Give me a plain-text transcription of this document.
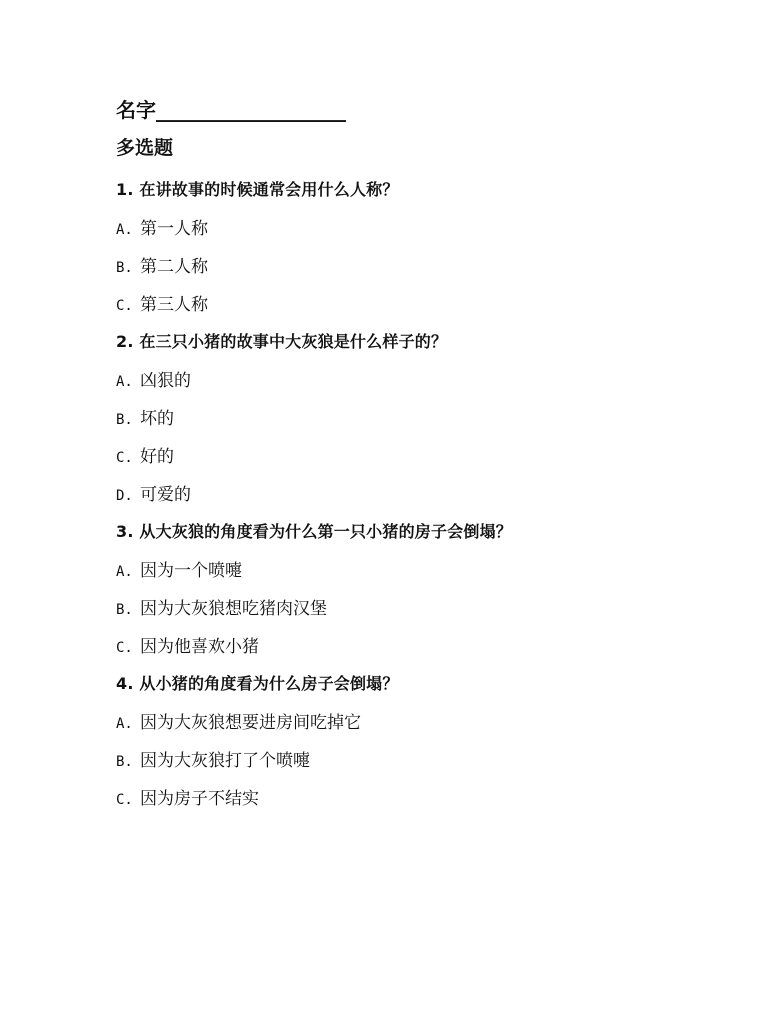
名字___________________
多选题
1. 在讲故事的时候通常会用什么人称？
A. 第一人称
B. 第二人称
C. 第三人称
2. 在三只小猪的故事中大灰狼是什么样子的？
A. 凶狠的
B. 坏的
C. 好的
D. 可爱的
3. 从大灰狼的角度看为什么第一只小猪的房子会倒塌？
A. 因为一个喷嚏
B. 因为大灰狼想吃猪肉汉堡
C. 因为他喜欢小猪
4. 从小猪的角度看为什么房子会倒塌？
A. 因为大灰狼想要进房间吃掉它
B. 因为大灰狼打了个喷嚏
C. 因为房子不结实
